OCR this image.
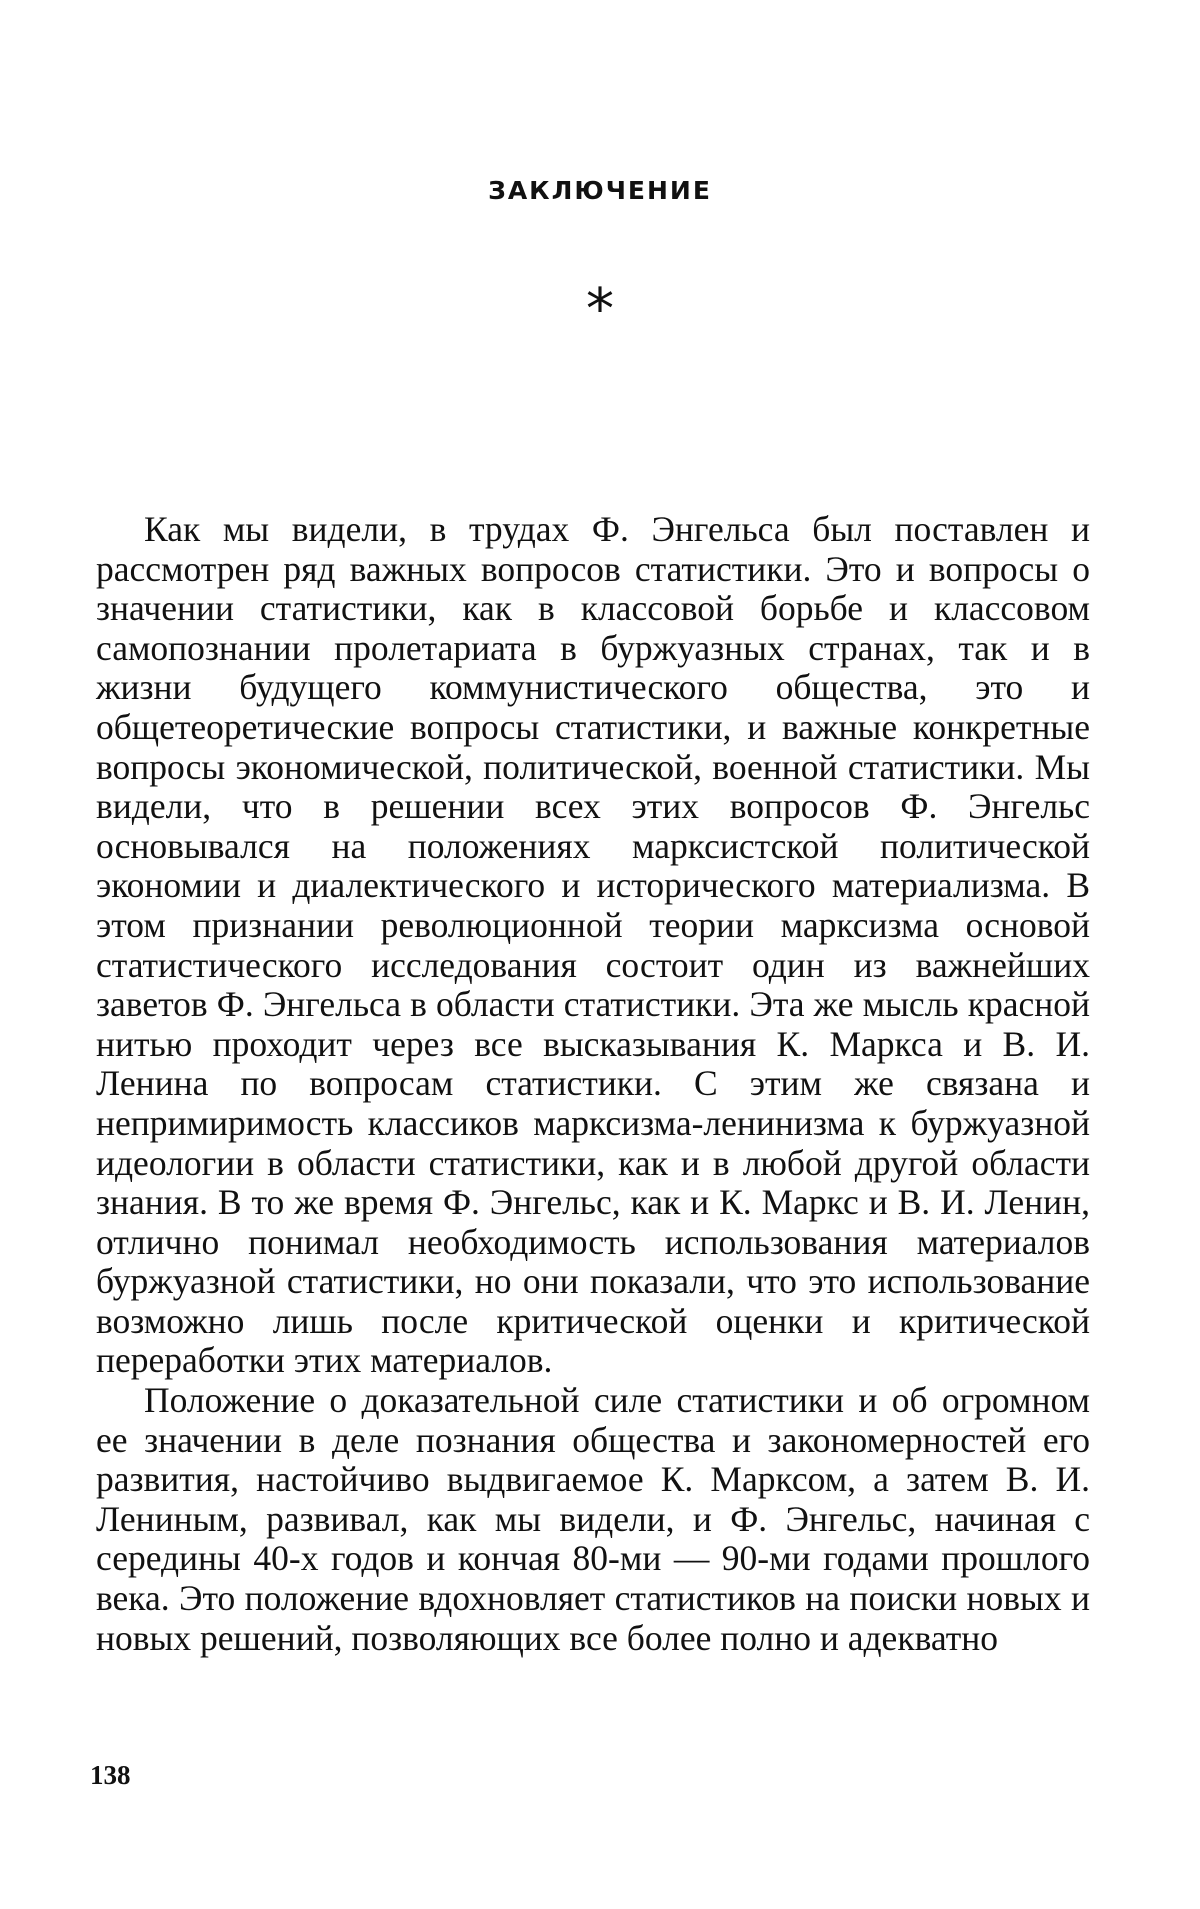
ЗАКЛЮЧЕНИЕ
*

Как мы видели, в трудах Ф. Энгельса был поставлен и рассмотрен ряд важных вопросов статистики. Это и вопросы о значении статистики, как в классовой борьбе и классовом самопознании пролетариата в буржуазных странах, так и в жизни будущего коммунистического общества, это и общетеоретические вопросы статистики, и важные конкретные вопросы экономической, политической, военной статистики. Мы видели, что в решении всех этих вопросов Ф. Энгельс основывался на положениях марксистской политической экономии и диалектического и исторического материализма. В этом признании революционной теории марксизма основой статистического исследования состоит один из важнейших заветов Ф. Энгельса в области статистики. Эта же мысль красной нитью проходит через все высказывания К. Маркса и В. И. Ленина по вопросам статистики. С этим же связана и непримиримость классиков марксизма-ленинизма к буржуазной идеологии в области статистики, как и в любой другой области знания. В то же время Ф. Энгельс, как и К. Маркс и В. И. Ленин, отлично понимал необходимость использования материалов буржуазной статистики, но они показали, что это использование возможно лишь после критической оценки и критической переработки этих материалов.

Положение о доказательной силе статистики и об огромном ее значении в деле познания общества и закономерностей его развития, настойчиво выдвигаемое К. Марксом, а затем В. И. Лениным, развивал, как мы видели, и Ф. Энгельс, начиная с середины 40-х годов и кончая 80-ми — 90-ми годами прошлого века. Это положение вдохновляет статистиков на поиски новых и новых решений, позволяющих все более полно и адекватно

138
